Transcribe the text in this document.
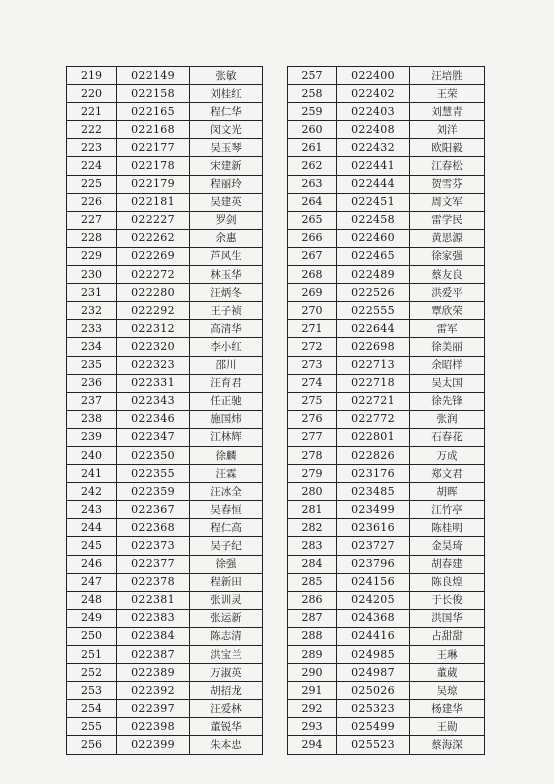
219	022149	张敏
220	022158	刘桂红
221	022165	程仁华
222	022168	闵文光
223	022177	吴玉琴
224	022178	宋建新
225	022179	程丽玲
226	022181	吴建英
227	022227	罗剑
228	022262	余惠
229	022269	芦风生
230	022272	林玉华
231	022280	汪炳冬
232	022292	王子祯
233	022312	高清华
234	022320	李小红
235	022323	邵川
236	022331	汪育君
237	022343	任正驰
238	022346	施国炜
239	022347	江林辉
240	022350	徐麟
241	022355	汪霖
242	022359	汪冰全
243	022367	吴春恒
244	022368	程仁高
245	022373	吴子纪
246	022377	徐强
247	022378	程新田
248	022381	张训灵
249	022383	张运新
250	022384	陈志清
251	022387	洪宝兰
252	022389	万淑英
253	022392	胡招龙
254	022397	汪爱林
255	022398	董锐华
256	022399	朱本忠
257	022400	汪培胜
258	022402	王荣
259	022403	刘慧青
260	022408	刘洋
261	022432	欧阳毅
262	022441	江春松
263	022444	贺雪芬
264	022451	周文军
265	022458	雷学民
266	022460	黄思源
267	022465	徐家强
268	022489	蔡友良
269	022526	洪爱平
270	022555	覃欣荣
271	022644	雷军
272	022698	徐美丽
273	022713	余昭样
274	022718	吴太国
275	022721	徐先锋
276	022772	张润
277	022801	石春花
278	022826	万成
279	023176	郑文君
280	023485	胡晖
281	023499	江竹亭
282	023616	陈桂明
283	023727	金昊琦
284	023796	胡春建
285	024156	陈良煌
286	024205	于长俊
287	024368	洪国华
288	024416	占甜甜
289	024985	王琳
290	024987	董葳
291	025026	吴琼
292	025323	杨建华
293	025499	王勋
294	025523	蔡海深
